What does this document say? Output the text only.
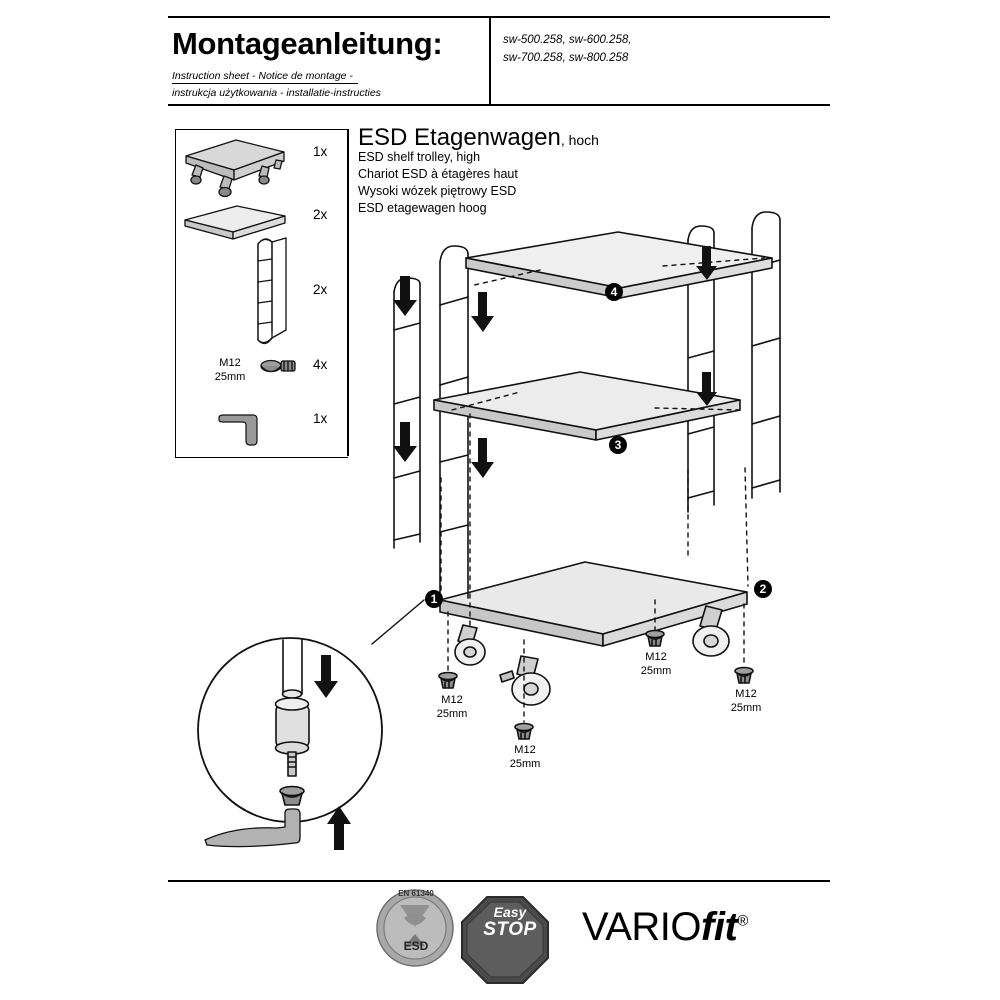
Montageanleitung:
Instruction sheet - Notice de montage -
instrukcja użytkowania - installatie-instructies
sw-500.258, sw-600.258,
sw-700.258, sw-800.258
ESD Etagenwagen, hoch
ESD shelf trolley, high
Chariot ESD à étagères haut
Wysoki wózek piętrowy ESD
ESD etagewagen hoog
1x
2x
2x
4x
1x
M12
25mm
1
2
3
4
M12
25mm
M12
25mm
M12
25mm
M12
25mm
EN 61340
ESD
Easy
STOP VARIOfit®
